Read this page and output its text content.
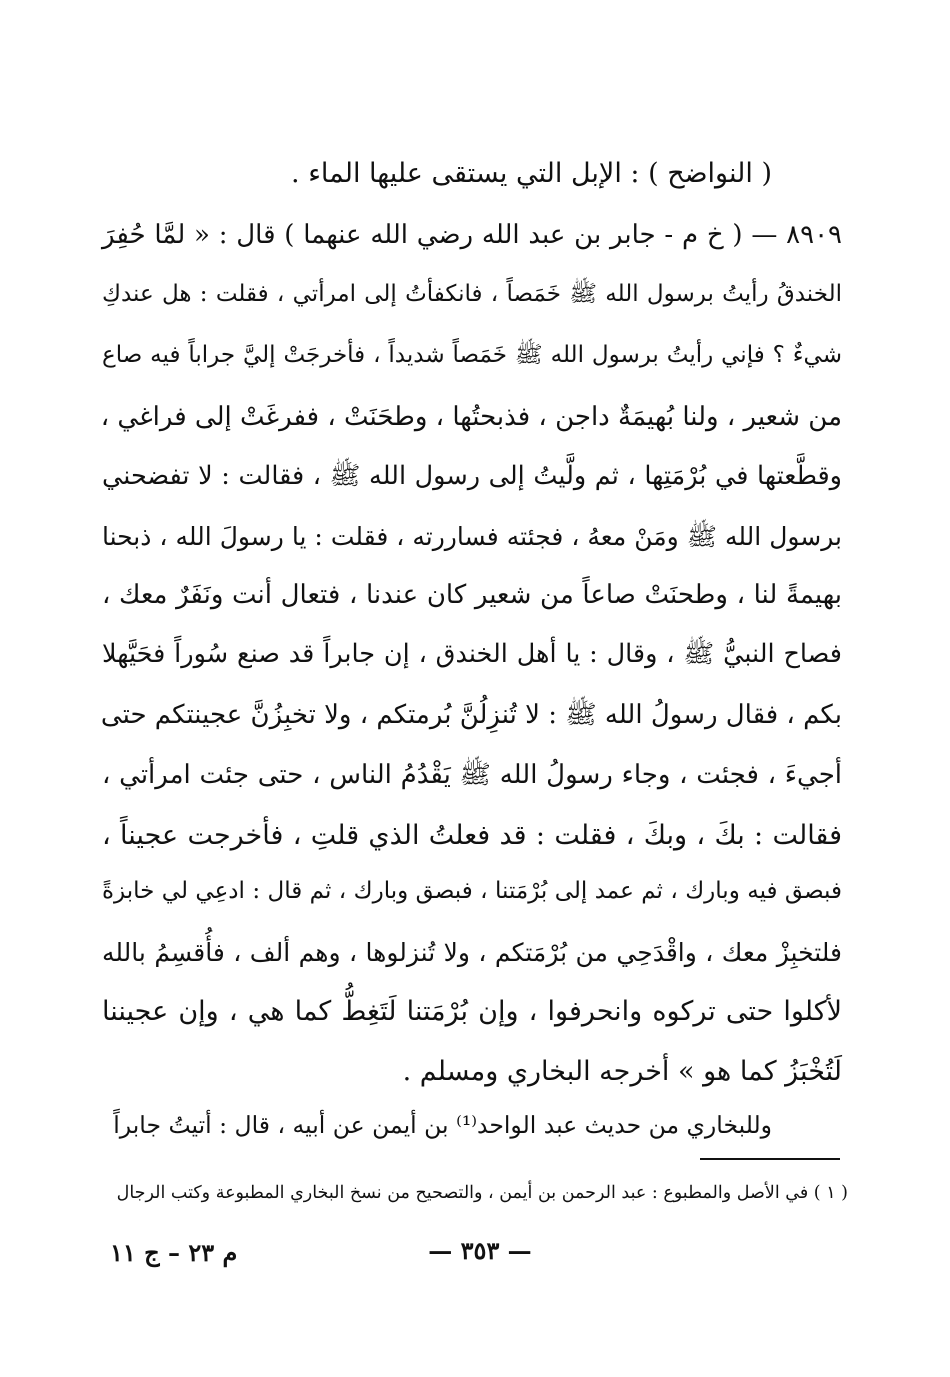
( النواضح ) : الإبل التي يستقى عليها الماء .
٨٩٠٩ — ( خ م - جابر بن عبد الله رضي الله عنهما ) قال : « لمَّا حُفِرَ
الخندقُ رأيتُ برسول الله ﷺ خَمَصاً ، فانكفأتُ إلى امرأتي ، فقلت : هل عندكِ
شيءٌ ؟ فإني رأيتُ برسول الله ﷺ خَمَصاً شديداً ، فأخرجَتْ إليَّ جراباً فيه صاع
من شعير ، ولنا بُهيمَةٌ داجن ، فذبحتُها ، وطحَنَتْ ، ففرغَتْ إلى فراغي ،
وقطَّعتها في بُرْمَتِها ، ثم ولَّيتُ إلى رسول الله ﷺ ، فقالت : لا تفضحني
برسول الله ﷺ ومَنْ معهُ ، فجئته فساررته ، فقلت : يا رسولَ الله ، ذبحنا
بهيمةً لنا ، وطحنَتْ صاعاً من شعير كان عندنا ، فتعال أنت ونَفَرٌ معك ،
فصاح النبيُّ ﷺ ، وقال : يا أهل الخندق ، إن جابراً قد صنع سُوراً فحَيَّهلا
بكم ، فقال رسولُ الله ﷺ : لا تُنزِلُنَّ بُرمتكم ، ولا تخبِزُنَّ عجينتكم حتى
أجيءَ ، فجئت ، وجاء رسولُ الله ﷺ يَقْدُمُ الناس ، حتى جئت امرأتي ،
فقالت : بكَ ، وبكَ ، فقلت : قد فعلتُ الذي قلتِ ، فأخرجت عجيناً ،
فبصق فيه وبارك ، ثم عمد إلى بُرْمَتنا ، فبصق وبارك ، ثم قال : ادعِي لي خابزةً
فلتخبِزْ معك ، واقْدَحِي من بُرْمَتكم ، ولا تُنزلوها ، وهم ألف ، فأُقسِمُ بالله
لأكلوا حتى تركوه وانحرفوا ، وإن بُرْمَتنا لَتَغِطُّ كما هي ، وإن عجيننا
لَتُخْبَزُ كما هو » أخرجه البخاري ومسلم .
وللبخاري من حديث عبد الواحد⁽¹⁾ بن أيمن عن أبيه ، قال : أتيتُ جابراً
( ١ ) في الأصل والمطبوع : عبد الرحمن بن أيمن ، والتصحيح من نسخ البخاري المطبوعة وكتب الرجال
— ٣٥٣ —
م ٢٣ – ج ١١
